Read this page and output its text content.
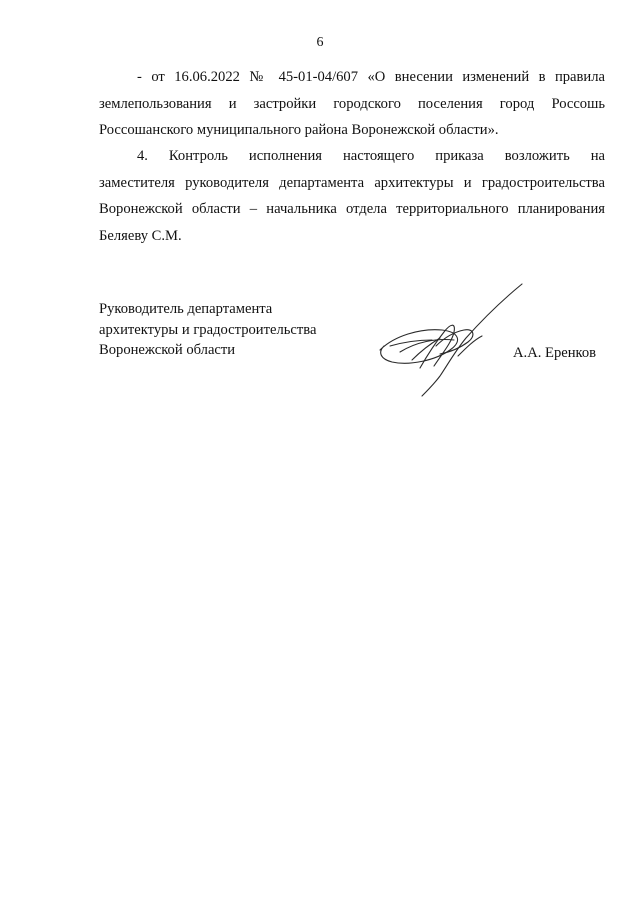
6
- от 16.06.2022 № 45-01-04/607 «О внесении изменений в правила
землепользования и застройки городского поселения город Россошь
Россошанского муниципального района Воронежской области».
4. Контроль исполнения настоящего приказа возложить на
заместителя руководителя департамента архитектуры и градостроительства
Воронежской области – начальника отдела территориального планирования
Беляеву С.М.
Руководитель департамента
архитектуры и градостроительства
Воронежской области	А.А. Еренков
